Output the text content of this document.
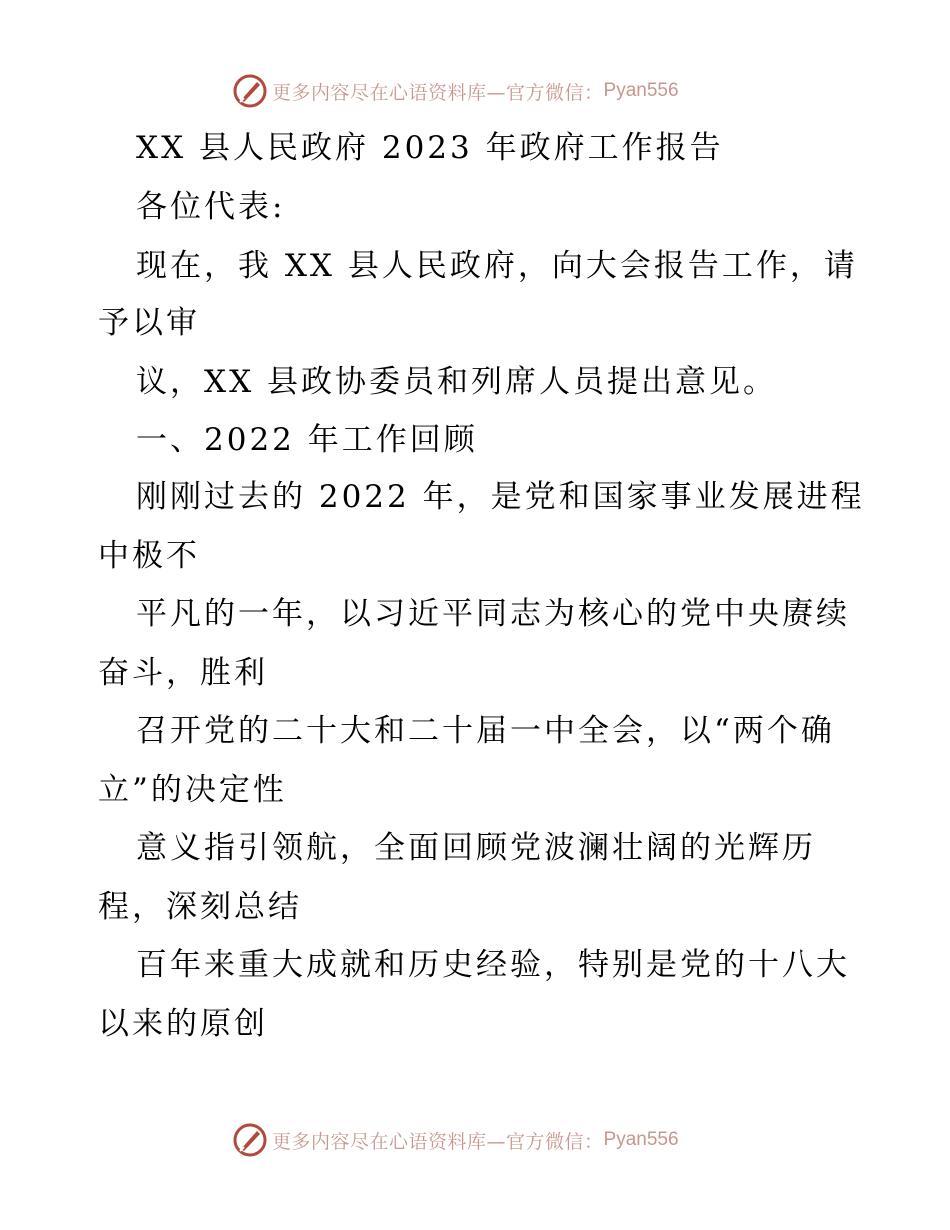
更多内容尽在心语资料库—官方微信： Pyan556
XX 县人民政府 2023 年政府工作报告
各位代表:
现在，我 XX 县人民政府，向大会报告工作，请
予以审
议，XX 县政协委员和列席人员提出意见。
一、2022 年工作回顾
刚刚过去的 2022 年，是党和国家事业发展进程
中极不
平凡的一年，以习近平同志为核心的党中央赓续
奋斗，胜利
召开党的二十大和二十届一中全会，以“两个确
立”的决定性
意义指引领航，全面回顾党波澜壮阔的光辉历
程，深刻总结
百年来重大成就和历史经验，特别是党的十八大
以来的原创
更多内容尽在心语资料库—官方微信： Pyan556
